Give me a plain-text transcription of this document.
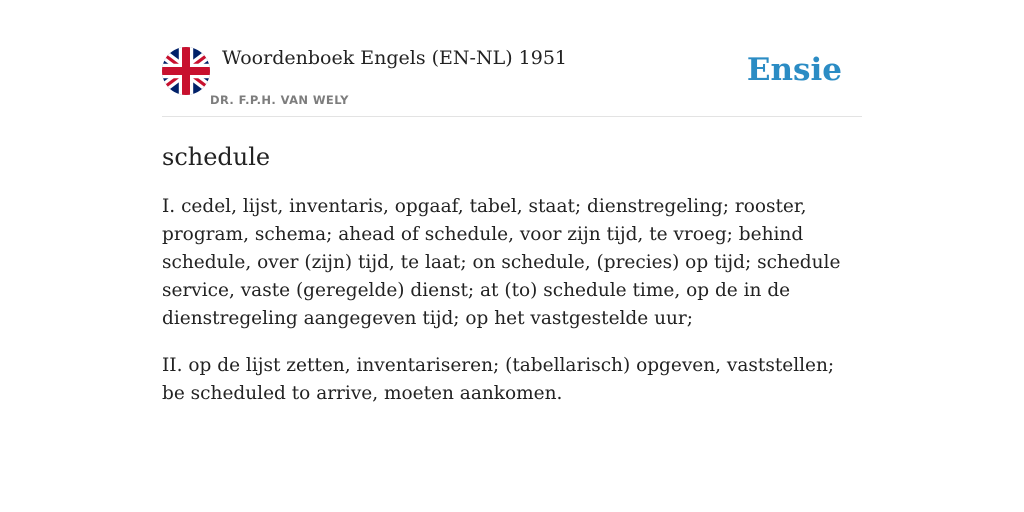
Woordenboek Engels (EN-NL) 1951
DR. F.P.H. VAN WELY
Ensie
schedule

I. cedel, lijst, inventaris, opgaaf, tabel, staat; dienstregeling; rooster, program, schema; ahead of schedule, voor zijn tijd, te vroeg; behind schedule, over (zijn) tijd, te laat; on schedule, (precies) op tijd; schedule service, vaste (geregelde) dienst; at (to) schedule time, op de in de dienstregeling aangegeven tijd; op het vastgestelde uur;

II. op de lijst zetten, inventariseren; (tabellarisch) opgeven, vaststellen; be scheduled to arrive, moeten aankomen.
